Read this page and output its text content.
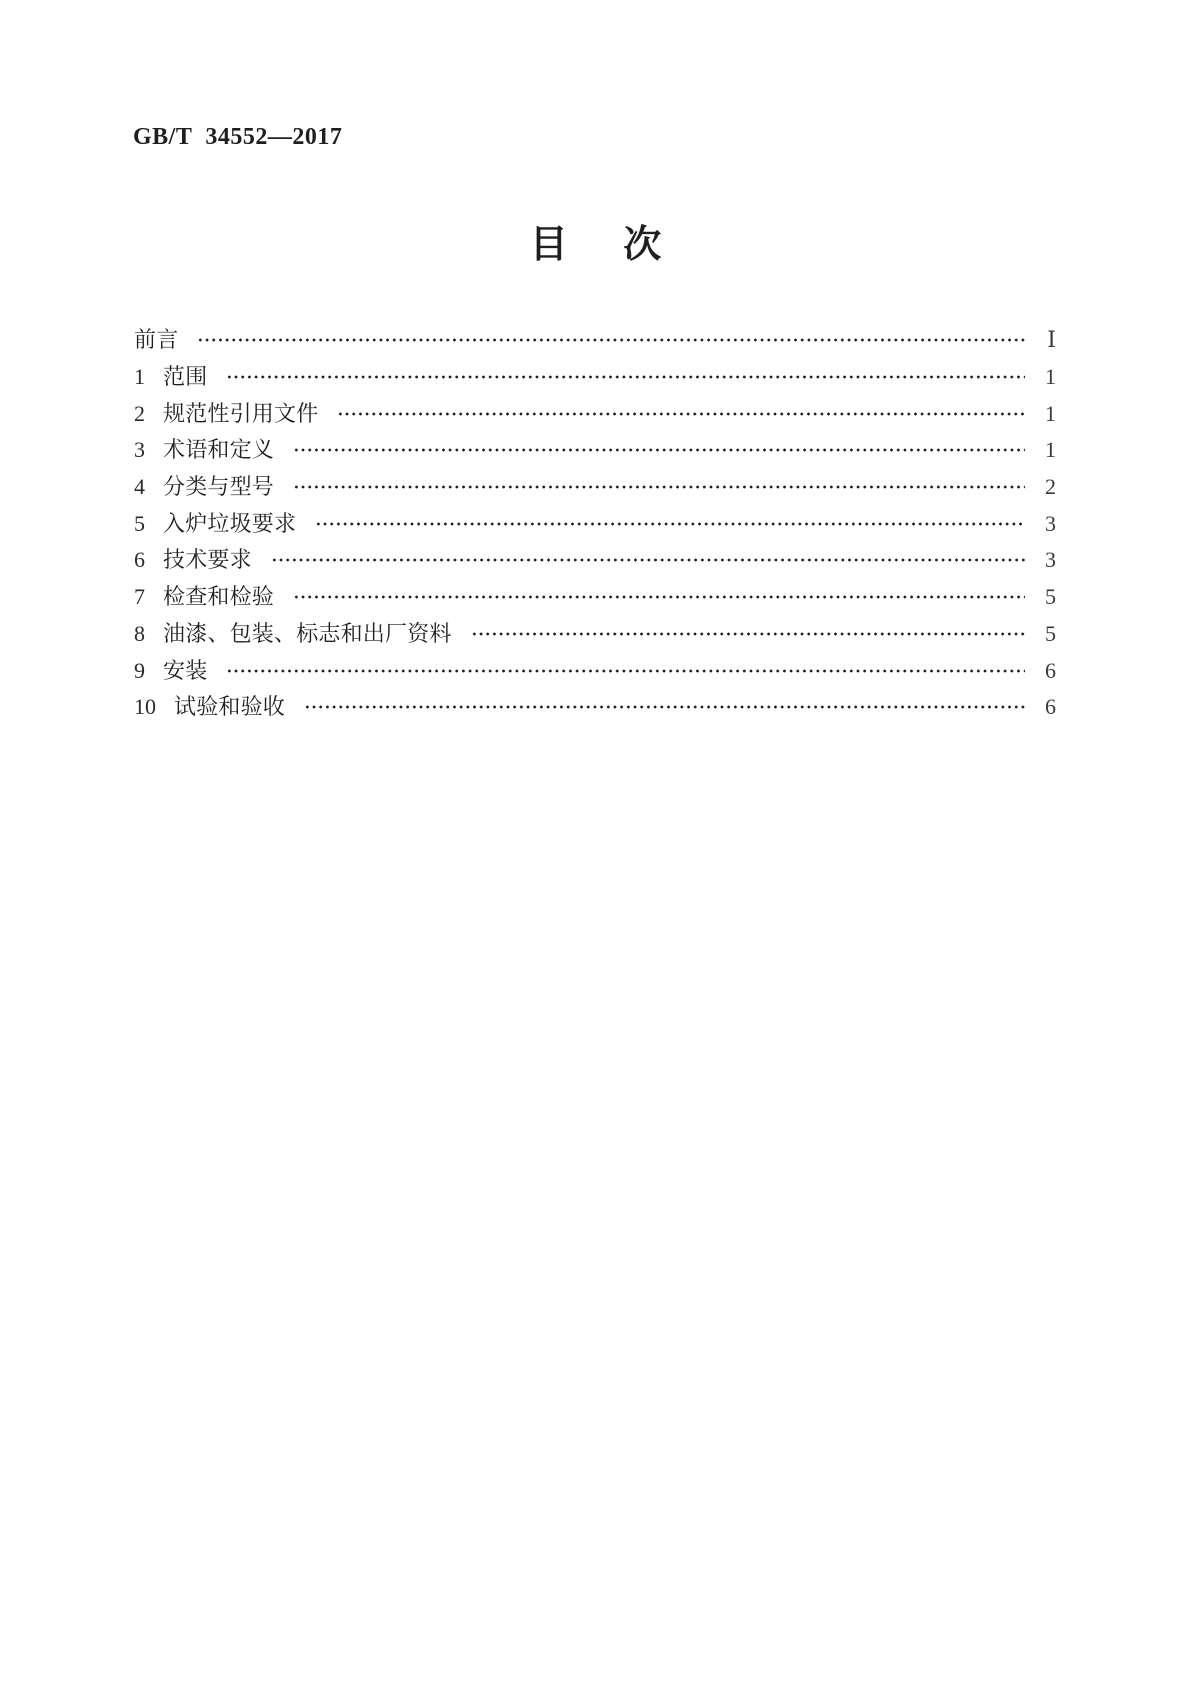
GB/T 34552—2017
目 次
前言	Ⅰ
1 范围	1
2 规范性引用文件	1
3 术语和定义	1
4 分类与型号	2
5 入炉垃圾要求	3
6 技术要求	3
7 检查和检验	5
8 油漆、包装、标志和出厂资料	5
9 安装	6
10 试验和验收	6
